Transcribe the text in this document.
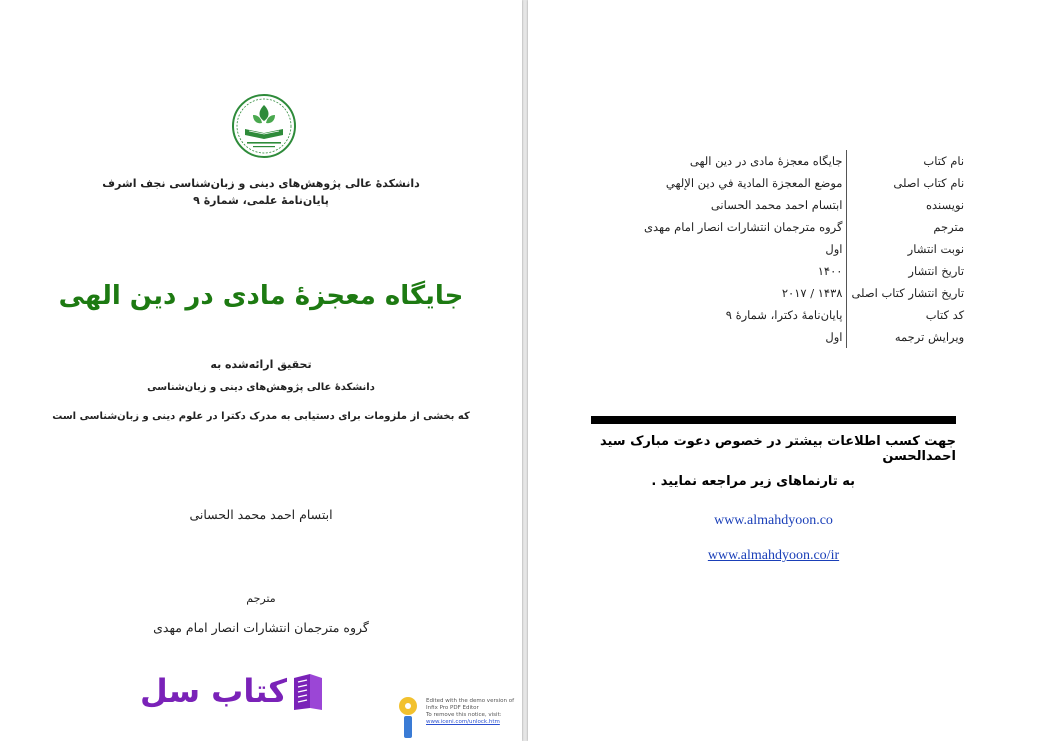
دانشکدهٔ عالی پژوهش‌های دینی و زبان‌شناسی نجف اشرف
پایان‌نامهٔ علمی، شمارهٔ ۹
جایگاه معجزهٔ مادی در دین الهی
تحقیق ارائه‌شده به
دانشکدهٔ عالی پژوهش‌های دینی و زبان‌شناسی
که بخشی از ملزومات برای دستیابی به مدرک دکترا در علوم دینی و زبان‌شناسی است
ابتسام احمد محمد الحسانی
مترجم
گروه مترجمان انتشارات انصار امام مهدی
کتاب سل	Edited with the demo version of
Infix Pro PDF Editor
To remove this notice, visit:
www.iceni.com/unlock.htm
نام کتاب	جایگاه معجزهٔ مادی در دین الهی
نام کتاب اصلی	موضع المعجزة المادية في دين الإلهي
نویسنده	ابتسام احمد محمد الحسانی
مترجم	گروه مترجمان انتشارات انصار امام مهدی
نوبت انتشار	اول
تاریخ انتشار	۱۴۰۰
تاریخ انتشار کتاب اصلی	۱۴۳۸ / ۲۰۱۷
کد کتاب	پایان‌نامهٔ دکترا، شمارهٔ ۹
ویرایش ترجمه	اول
جهت کسب اطلاعات بیشتر در خصوص دعوت مبارک سید احمدالحسن
به تارنماهای زیر مراجعه نمایید .
www.almahdyoon.co
www.almahdyoon.co/ir
